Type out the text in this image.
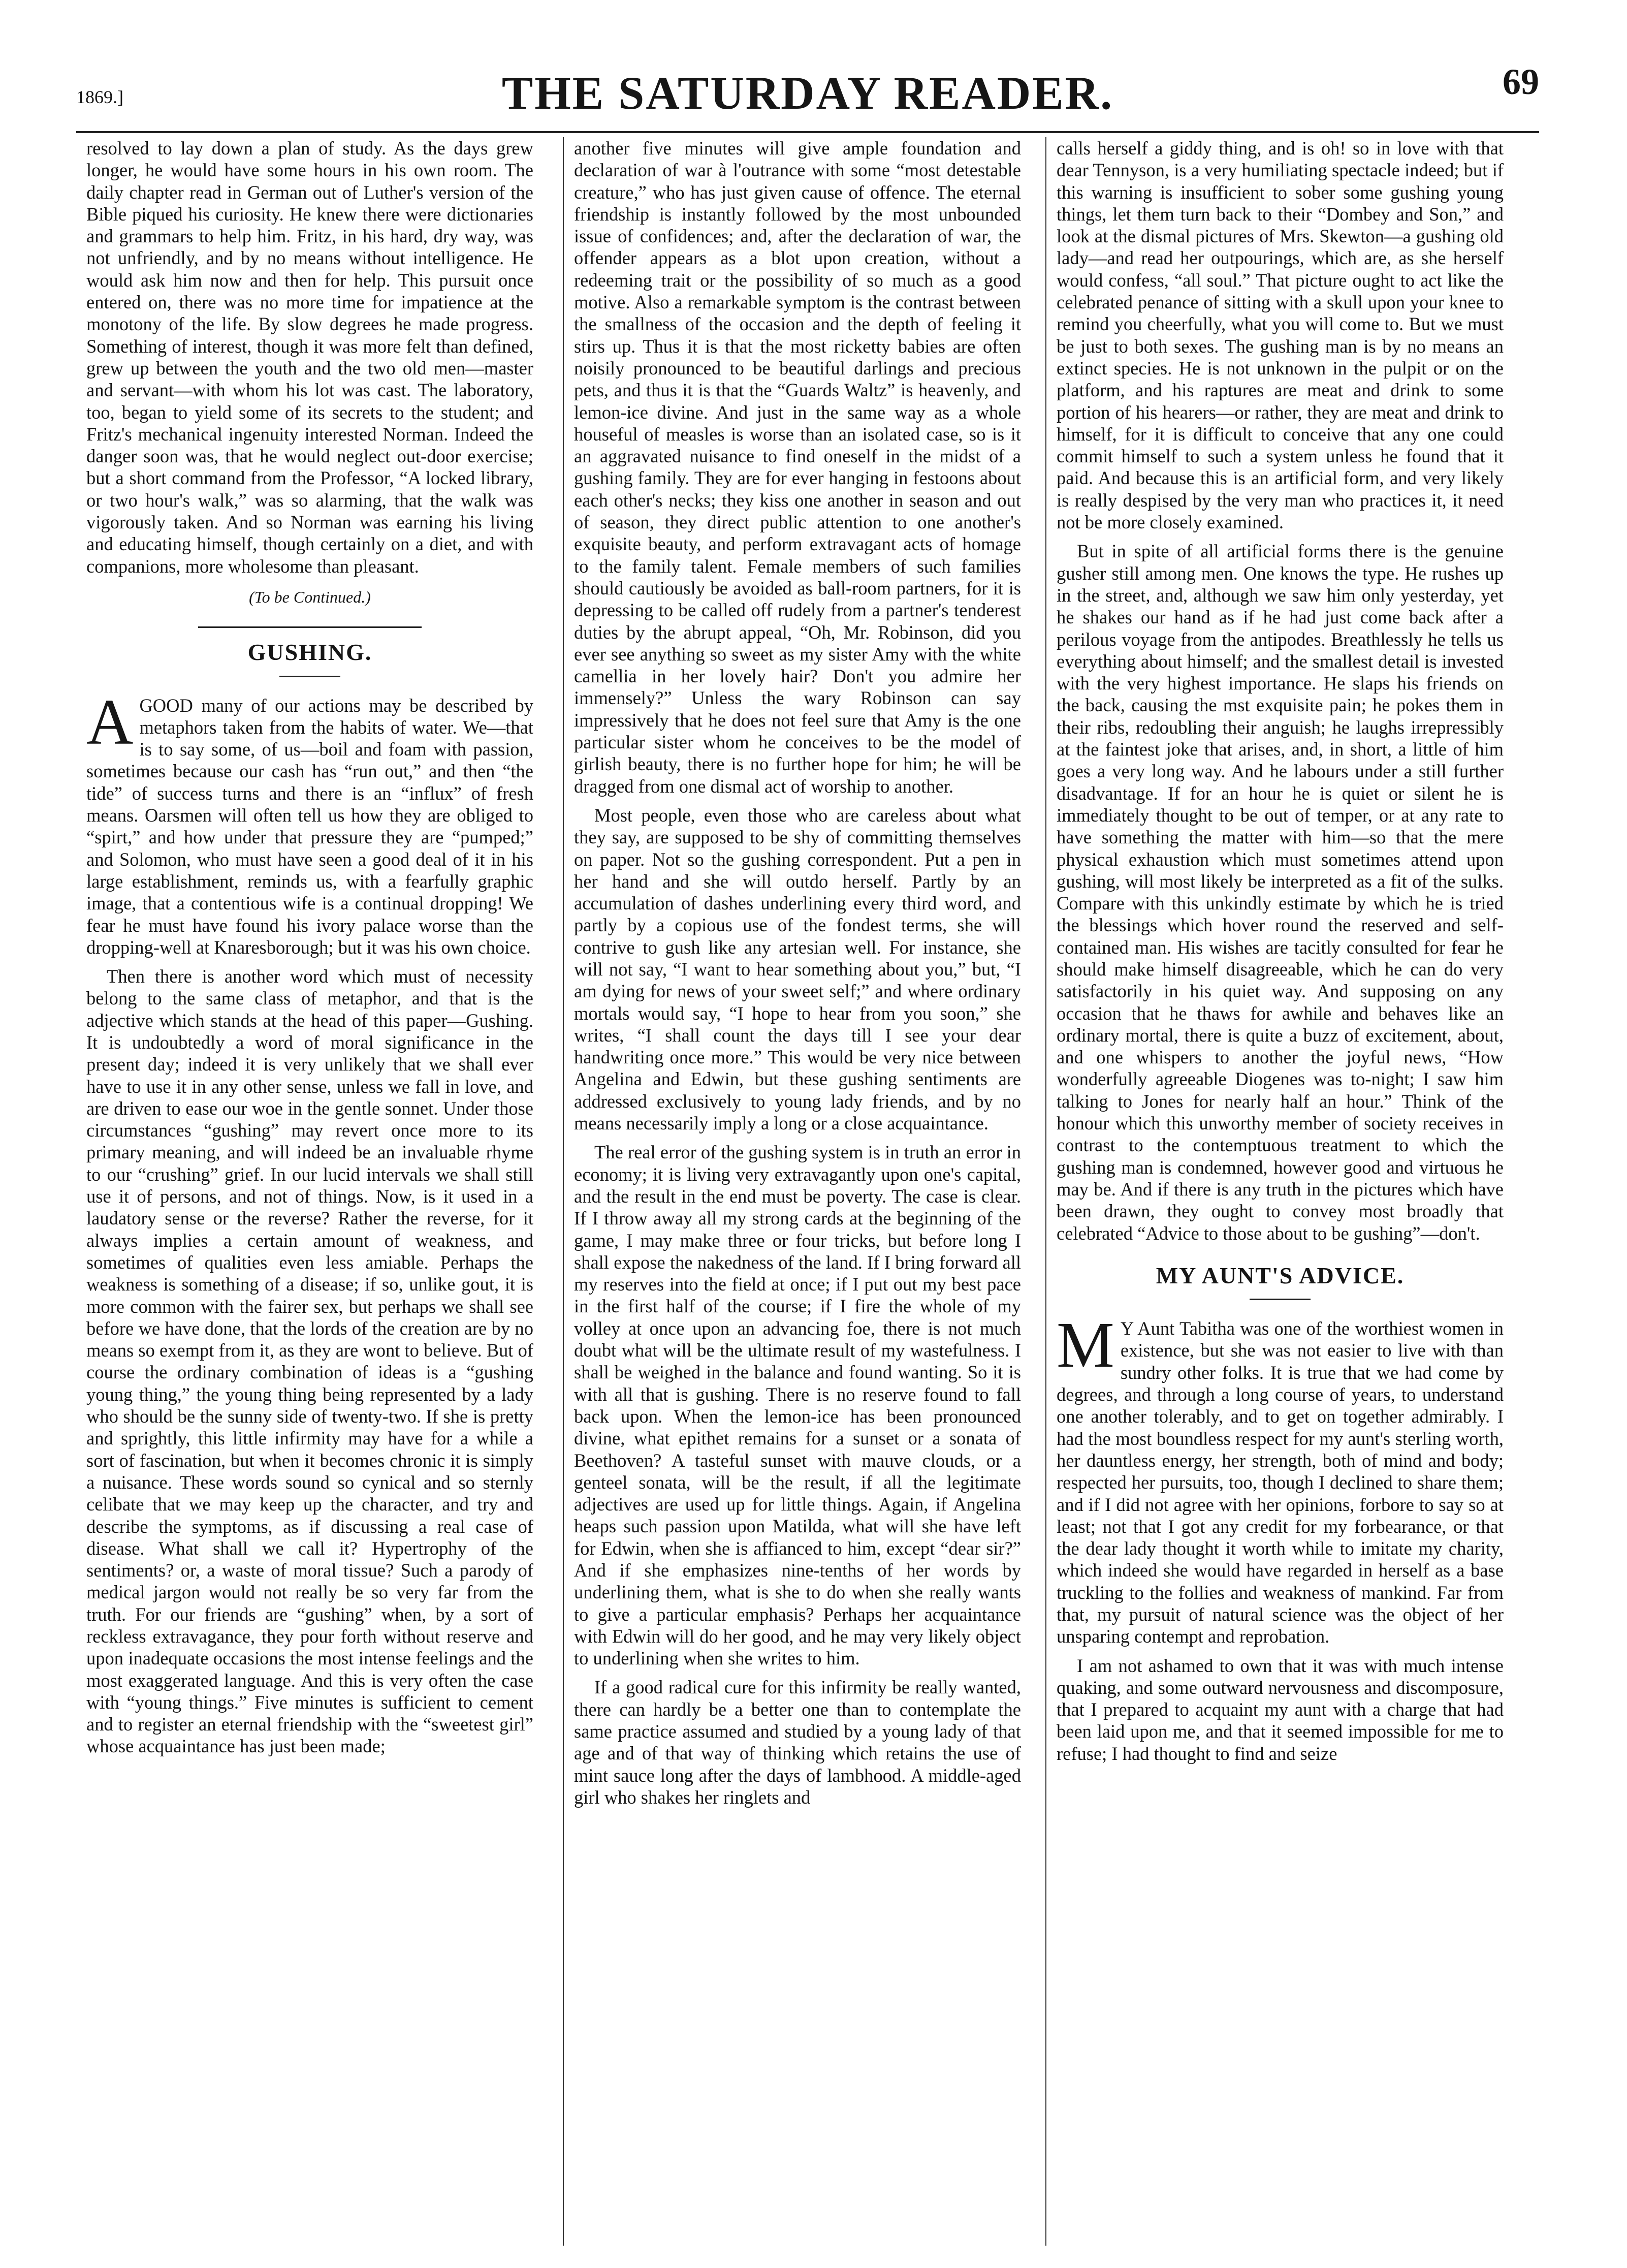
1869.]	THE SATURDAY READER.	69

resolved to lay down a plan of study. As the days grew longer, he would have some hours in his own room. The daily chapter read in German out of Luther's version of the Bible piqued his curiosity. He knew there were dictionaries and grammars to help him. Fritz, in his hard, dry way, was not unfriendly, and by no means without intelligence. He would ask him now and then for help. This pursuit once entered on, there was no more time for impatience at the monotony of the life. By slow degrees he made progress. Something of interest, though it was more felt than defined, grew up between the youth and the two old men—master and servant—with whom his lot was cast. The laboratory, too, began to yield some of its secrets to the student; and Fritz's mechanical ingenuity interested Norman. Indeed the danger soon was, that he would neglect out-door exercise; but a short command from the Professor, “A locked library, or two hour's walk,” was so alarming, that the walk was vigorously taken. And so Norman was earning his living and educating himself, though certainly on a diet, and with companions, more wholesome than pleasant.

(To be Continued.)
GUSHING.

AGOOD many of our actions may be described by metaphors taken from the habits of water. We—that is to say some, of us—boil and foam with passion, sometimes because our cash has “run out,” and then “the tide” of success turns and there is an “influx” of fresh means. Oarsmen will often tell us how they are obliged to “spirt,” and how under that pressure they are “pumped;” and Solomon, who must have seen a good deal of it in his large establishment, reminds us, with a fearfully graphic image, that a contentious wife is a continual dropping! We fear he must have found his ivory palace worse than the dropping-well at Knaresborough; but it was his own choice.

Then there is another word which must of necessity belong to the same class of metaphor, and that is the adjective which stands at the head of this paper—Gushing. It is undoubtedly a word of moral significance in the present day; indeed it is very unlikely that we shall ever have to use it in any other sense, unless we fall in love, and are driven to ease our woe in the gentle sonnet. Under those circumstances “gushing” may revert once more to its primary meaning, and will indeed be an invaluable rhyme to our “crushing” grief. In our lucid intervals we shall still use it of persons, and not of things. Now, is it used in a laudatory sense or the reverse? Rather the reverse, for it always implies a certain amount of weakness, and sometimes of qualities even less amiable. Perhaps the weakness is something of a disease; if so, unlike gout, it is more common with the fairer sex, but perhaps we shall see before we have done, that the lords of the creation are by no means so exempt from it, as they are wont to believe. But of course the ordinary combination of ideas is a “gushing young thing,” the young thing being represented by a lady who should be the sunny side of twenty-two. If she is pretty and sprightly, this little infirmity may have for a while a sort of fascination, but when it becomes chronic it is simply a nuisance. These words sound so cynical and so sternly celibate that we may keep up the character, and try and describe the symptoms, as if discussing a real case of disease. What shall we call it? Hypertrophy of the sentiments? or, a waste of moral tissue? Such a parody of medical jargon would not really be so very far from the truth. For our friends are “gushing” when, by a sort of reckless extravagance, they pour forth without reserve and upon inadequate occasions the most intense feelings and the most exaggerated language. And this is very often the case with “young things.” Five minutes is sufficient to cement and to register an eternal friendship with the “sweetest girl” whose acquaintance has just been made;

another five minutes will give ample foundation and declaration of war à l'outrance with some “most detestable creature,” who has just given cause of offence. The eternal friendship is instantly followed by the most unbounded issue of confidences; and, after the declaration of war, the offender appears as a blot upon creation, without a redeeming trait or the possibility of so much as a good motive. Also a remarkable symptom is the contrast between the smallness of the occasion and the depth of feeling it stirs up. Thus it is that the most ricketty babies are often noisily pronounced to be beautiful darlings and precious pets, and thus it is that the “Guards Waltz” is heavenly, and lemon-ice divine. And just in the same way as a whole houseful of measles is worse than an isolated case, so is it an aggravated nuisance to find oneself in the midst of a gushing family. They are for ever hanging in festoons about each other's necks; they kiss one another in season and out of season, they direct public attention to one another's exquisite beauty, and perform extravagant acts of homage to the family talent. Female members of such families should cautiously be avoided as ball-room partners, for it is depressing to be called off rudely from a partner's tenderest duties by the abrupt appeal, “Oh, Mr. Robinson, did you ever see anything so sweet as my sister Amy with the white camellia in her lovely hair? Don't you admire her immensely?” Unless the wary Robinson can say impressively that he does not feel sure that Amy is the one particular sister whom he conceives to be the model of girlish beauty, there is no further hope for him; he will be dragged from one dismal act of worship to another.

Most people, even those who are careless about what they say, are supposed to be shy of committing themselves on paper. Not so the gushing correspondent. Put a pen in her hand and she will outdo herself. Partly by an accumulation of dashes underlining every third word, and partly by a copious use of the fondest terms, she will contrive to gush like any artesian well. For instance, she will not say, “I want to hear something about you,” but, “I am dying for news of your sweet self;” and where ordinary mortals would say, “I hope to hear from you soon,” she writes, “I shall count the days till I see your dear handwriting once more.” This would be very nice between Angelina and Edwin, but these gushing sentiments are addressed exclusively to young lady friends, and by no means necessarily imply a long or a close acquaintance.

The real error of the gushing system is in truth an error in economy; it is living very extravagantly upon one's capital, and the result in the end must be poverty. The case is clear. If I throw away all my strong cards at the beginning of the game, I may make three or four tricks, but before long I shall expose the nakedness of the land. If I bring forward all my reserves into the field at once; if I put out my best pace in the first half of the course; if I fire the whole of my volley at once upon an advancing foe, there is not much doubt what will be the ultimate result of my wastefulness. I shall be weighed in the balance and found wanting. So it is with all that is gushing. There is no reserve found to fall back upon. When the lemon-ice has been pronounced divine, what epithet remains for a sunset or a sonata of Beethoven? A tasteful sunset with mauve clouds, or a genteel sonata, will be the result, if all the legitimate adjectives are used up for little things. Again, if Angelina heaps such passion upon Matilda, what will she have left for Edwin, when she is affianced to him, except “dear sir?” And if she emphasizes nine-tenths of her words by underlining them, what is she to do when she really wants to give a particular emphasis? Perhaps her acquaintance with Edwin will do her good, and he may very likely object to underlining when she writes to him.

If a good radical cure for this infirmity be really wanted, there can hardly be a better one than to contemplate the same practice assumed and studied by a young lady of that age and of that way of thinking which retains the use of mint sauce long after the days of lambhood. A middle-aged girl who shakes her ringlets and

calls herself a giddy thing, and is oh! so in love with that dear Tennyson, is a very humiliating spectacle indeed; but if this warning is insufficient to sober some gushing young things, let them turn back to their “Dombey and Son,” and look at the dismal pictures of Mrs. Skewton—a gushing old lady—and read her outpourings, which are, as she herself would confess, “all soul.” That picture ought to act like the celebrated penance of sitting with a skull upon your knee to remind you cheerfully, what you will come to. But we must be just to both sexes. The gushing man is by no means an extinct species. He is not unknown in the pulpit or on the platform, and his raptures are meat and drink to some portion of his hearers—or rather, they are meat and drink to himself, for it is difficult to conceive that any one could commit himself to such a system unless he found that it paid. And because this is an artificial form, and very likely is really despised by the very man who practices it, it need not be more closely examined.

But in spite of all artificial forms there is the genuine gusher still among men. One knows the type. He rushes up in the street, and, although we saw him only yesterday, yet he shakes our hand as if he had just come back after a perilous voyage from the antipodes. Breathlessly he tells us everything about himself; and the smallest detail is invested with the very highest importance. He slaps his friends on the back, causing the mst exquisite pain; he pokes them in their ribs, redoubling their anguish; he laughs irrepressibly at the faintest joke that arises, and, in short, a little of him goes a very long way. And he labours under a still further disadvantage. If for an hour he is quiet or silent he is immediately thought to be out of temper, or at any rate to have something the matter with him—so that the mere physical exhaustion which must sometimes attend upon gushing, will most likely be interpreted as a fit of the sulks. Compare with this unkindly estimate by which he is tried the blessings which hover round the reserved and self-contained man. His wishes are tacitly consulted for fear he should make himself disagreeable, which he can do very satisfactorily in his quiet way. And supposing on any occasion that he thaws for awhile and behaves like an ordinary mortal, there is quite a buzz of excitement, about, and one whispers to another the joyful news, “How wonderfully agreeable Diogenes was to-night; I saw him talking to Jones for nearly half an hour.” Think of the honour which this unworthy member of society receives in contrast to the contemptuous treatment to which the gushing man is condemned, however good and virtuous he may be. And if there is any truth in the pictures which have been drawn, they ought to convey most broadly that celebrated “Advice to those about to be gushing”—don't.

MY AUNT'S ADVICE.

M Y Aunt Tabitha was one of the worthiest women in existence, but she was not easier to live with than sundry other folks. It is true that we had come by degrees, and through a long course of years, to understand one another tolerably, and to get on together admirably. I had the most boundless respect for my aunt's sterling worth, her dauntless energy, her strength, both of mind and body; respected her pursuits, too, though I declined to share them; and if I did not agree with her opinions, forbore to say so at least; not that I got any credit for my forbearance, or that the dear lady thought it worth while to imitate my charity, which indeed she would have regarded in herself as a base truckling to the follies and weakness of mankind. Far from that, my pursuit of natural science was the object of her unsparing contempt and reprobation.

I am not ashamed to own that it was with much intense quaking, and some outward nervousness and discomposure, that I prepared to acquaint my aunt with a charge that had been laid upon me, and that it seemed impossible for me to refuse; I had thought to find and seize
